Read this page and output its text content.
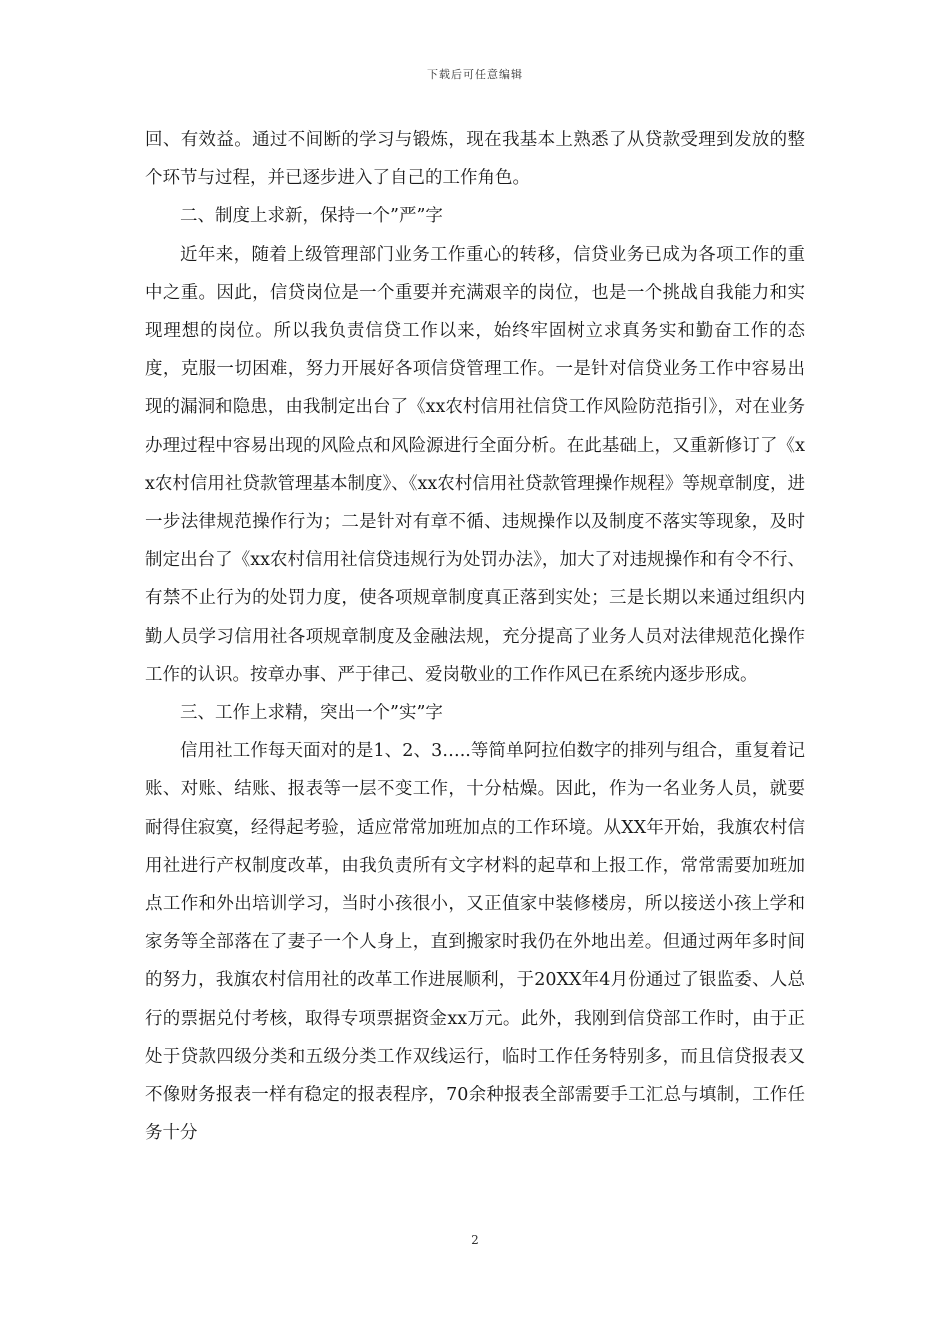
下载后可任意编辑

回、有效益。通过不间断的学习与锻炼，现在我基本上熟悉了从贷款受理到发放的整个环节与过程，并已逐步进入了自己的工作角色。

二、制度上求新，保持一个”严”字

近年来，随着上级管理部门业务工作重心的转移，信贷业务已成为各项工作的重中之重。因此，信贷岗位是一个重要并充满艰辛的岗位，也是一个挑战自我能力和实现理想的岗位。所以我负责信贷工作以来，始终牢固树立求真务实和勤奋工作的态度，克服一切困难，努力开展好各项信贷管理工作。一是针对信贷业务工作中容易出现的漏洞和隐患，由我制定出台了《xx农村信用社信贷工作风险防范指引》，对在业务办理过程中容易出现的风险点和风险源进行全面分析。在此基础上，又重新修订了《xx农村信用社贷款管理基本制度》、《xx农村信用社贷款管理操作规程》等规章制度，进一步法律规范操作行为；二是针对有章不循、违规操作以及制度不落实等现象，及时制定出台了《xx农村信用社信贷违规行为处罚办法》，加大了对违规操作和有令不行、有禁不止行为的处罚力度，使各项规章制度真正落到实处；三是长期以来通过组织内勤人员学习信用社各项规章制度及金融法规，充分提高了业务人员对法律规范化操作工作的认识。按章办事、严于律己、爱岗敬业的工作作风已在系统内逐步形成。

三、工作上求精，突出一个”实”字

信用社工作每天面对的是1、2、3…..等简单阿拉伯数字的排列与组合，重复着记账、对账、结账、报表等一层不变工作，十分枯燥。因此，作为一名业务人员，就要耐得住寂寞，经得起考验，适应常常加班加点的工作环境。从XX年开始，我旗农村信用社进行产权制度改革，由我负责所有文字材料的起草和上报工作，常常需要加班加点工作和外出培训学习，当时小孩很小，又正值家中装修楼房，所以接送小孩上学和家务等全部落在了妻子一个人身上，直到搬家时我仍在外地出差。但通过两年多时间的努力，我旗农村信用社的改革工作进展顺利，于20XX年4月份通过了银监委、人总行的票据兑付考核，取得专项票据资金xx万元。此外，我刚到信贷部工作时，由于正处于贷款四级分类和五级分类工作双线运行，临时工作任务特别多，而且信贷报表又不像财务报表一样有稳定的报表程序，70余种报表全部需要手工汇总与填制，工作任务十分

2
